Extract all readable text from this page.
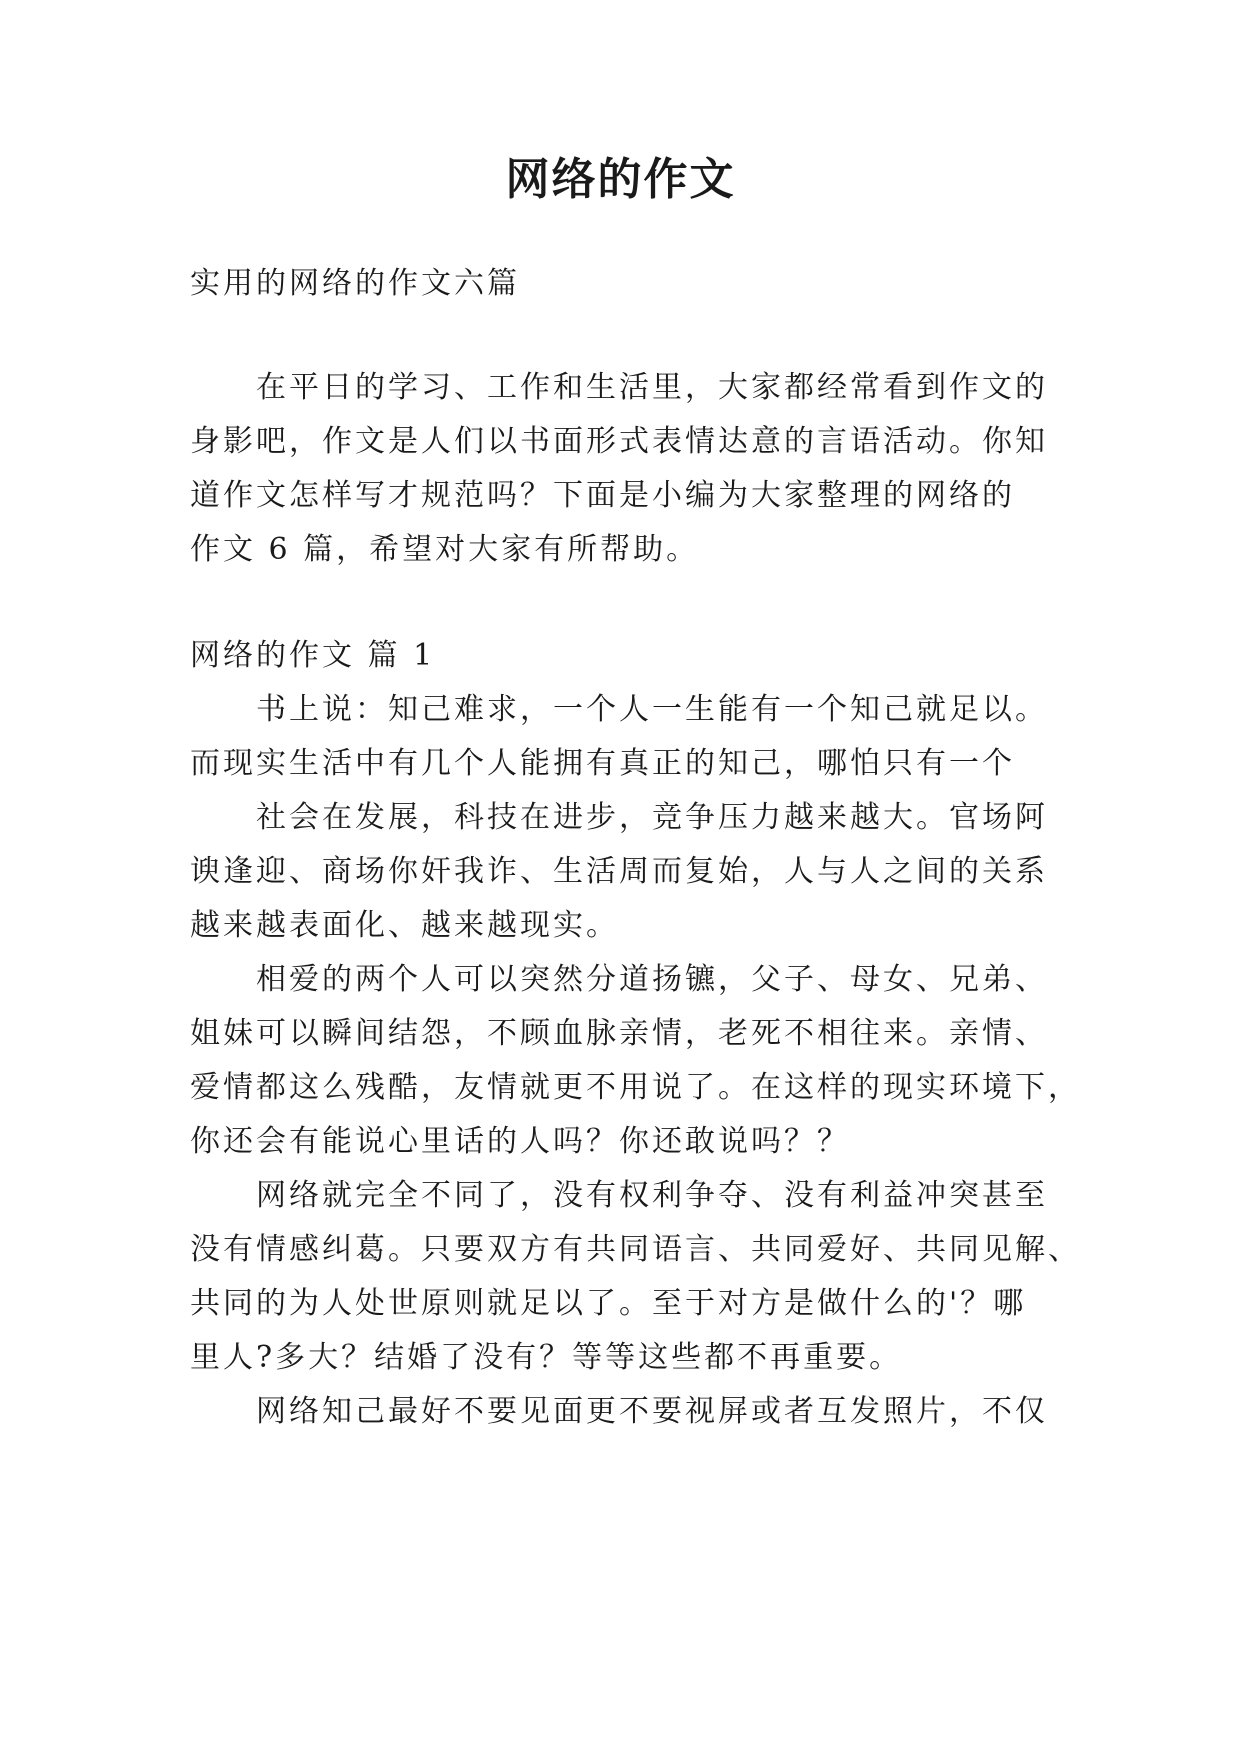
网络的作文
实用的网络的作文六篇
在平日的学习、工作和生活里，大家都经常看到作文的
身影吧，作文是人们以书面形式表情达意的言语活动。你知
道作文怎样写才规范吗？下面是小编为大家整理的网络的
作文 6 篇，希望对大家有所帮助。
网络的作文 篇 1
书上说：知己难求，一个人一生能有一个知己就足以。
而现实生活中有几个人能拥有真正的知己，哪怕只有一个
社会在发展，科技在进步，竞争压力越来越大。官场阿
谀逢迎、商场你奸我诈、生活周而复始，人与人之间的关系
越来越表面化、越来越现实。
相爱的两个人可以突然分道扬镳，父子、母女、兄弟、
姐妹可以瞬间结怨，不顾血脉亲情，老死不相往来。亲情、
爱情都这么残酷，友情就更不用说了。在这样的现实环境下，
你还会有能说心里话的人吗？你还敢说吗？？
网络就完全不同了，没有权利争夺、没有利益冲突甚至
没有情感纠葛。只要双方有共同语言、共同爱好、共同见解、
共同的为人处世原则就足以了。至于对方是做什么的'？哪
里人?多大？结婚了没有？等等这些都不再重要。
网络知己最好不要见面更不要视屏或者互发照片，不仅
